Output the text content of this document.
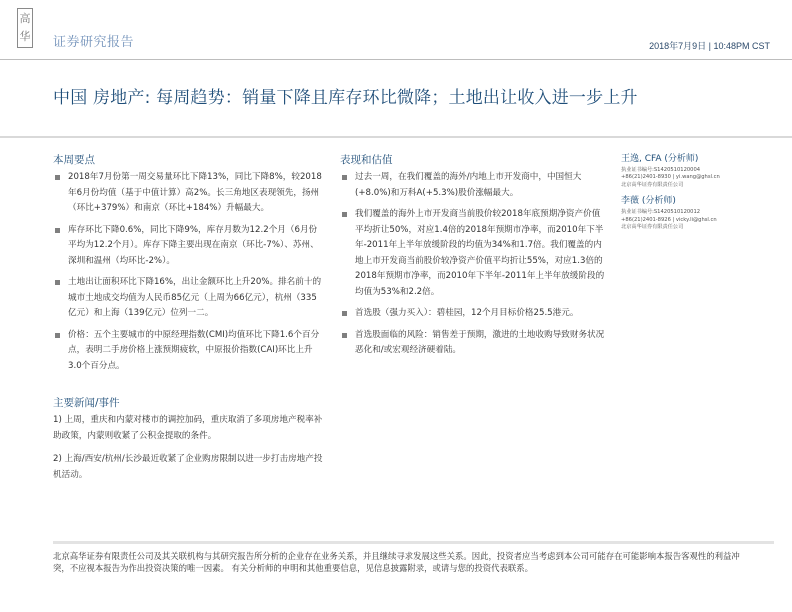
高
华 证券研究报告	2018年7月9日 | 10:48PM CST
中国 房地产: 每周趋势：销量下降且库存环比微降；土地出让收入进一步上升
本周要点
2018年7月份第一周交易量环比下降13%，同比下降8%，较2018年6月份均值（基于中值计算）高2%。长三角地区表现领先，扬州（环比+379%）和南京（环比+184%）升幅最大。
库存环比下降0.6%，同比下降9%，库存月数为12.2个月（6月份平均为12.2个月）。库存下降主要出现在南京（环比-7%）、苏州、深圳和温州（均环比-2%）。
土地出让面积环比下降16%，出让金额环比上升20%。排名前十的城市土地成交均值为人民币85亿元（上周为66亿元），杭州（335亿元）和上海（139亿元）位列一二。
价格：五个主要城市的中原经理指数(CMI)均值环比下降1.6个百分点，表明二手房价格上涨预期疲软，中原报价指数(CAI)环比上升3.0个百分点。
主要新闻/事件

1) 上周，重庆和内蒙对楼市的调控加码，重庆取消了多项房地产税率补助政策，内蒙则收紧了公积金提取的条件。

2) 上海/西安/杭州/长沙最近收紧了企业购房限制以进一步打击房地产投机活动。

表现和估值
过去一周，在我们覆盖的海外/内地上市开发商中，中国恒大(+8.0%)和万科A(+5.3%)股价涨幅最大。
我们覆盖的海外上市开发商当前股价较2018年底预期净资产价值平均折让50%，对应1.4倍的2018年预期市净率，而2010年下半年-2011年上半年放缓阶段的均值为34%和1.7倍。我们覆盖的内地上市开发商当前股价较净资产价值平均折让55%，对应1.3倍的2018年预期市净率，而2010年下半年-2011年上半年放缓阶段的均值为53%和2.2倍。
首选股（强力买入）：碧桂园，12个月目标价格25.5港元。
首选股面临的风险：销售差于预期，激进的土地收购导致财务状况恶化和/或宏观经济硬着陆。
王逸, CFA (分析师)
执业证书编号:S1420510120004
+86(21)2401-8930 | yi.wang@ghsl.cn
北京高华证券有限责任公司
李薇 (分析师)
执业证书编号:S1420510120012
+86(21)2401-8926 | vicky.li@ghsl.cn
北京高华证券有限责任公司
北京高华证券有限责任公司及其关联机构与其研究报告所分析的企业存在业务关系，并且继续寻求发展这些关系。因此，投资者应当考虑到本公司可能存在可能影响本报告客观性的利益冲突，不应视本报告为作出投资决策的唯一因素。 有关分析师的申明和其他重要信息，见信息披露附录，或请与您的投资代表联系。
